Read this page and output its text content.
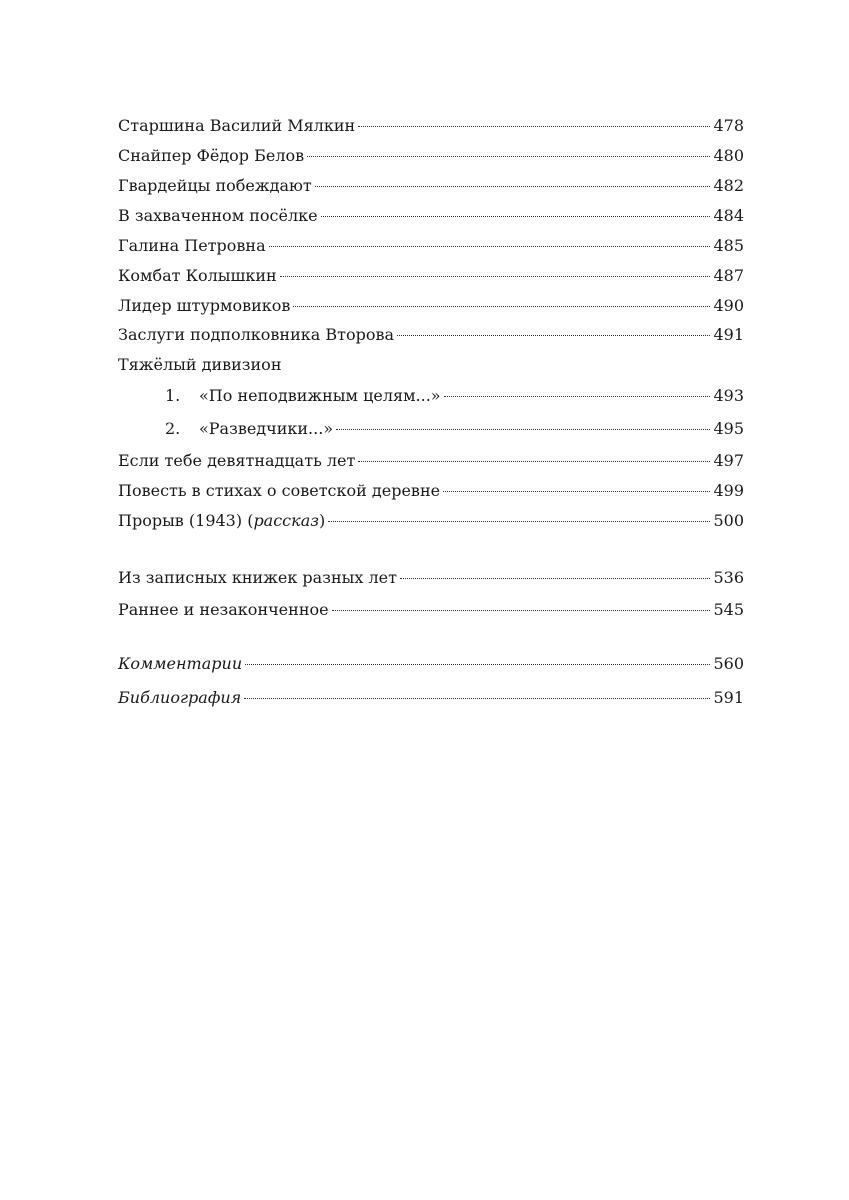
Старшина Василий Мялкин	478
Снайпер Фёдор Белов	480
Гвардейцы побеждают	482
В захваченном посёлке	484
Галина Петровна	485
Комбат Колышкин	487
Лидер штурмовиков	490
Заслуги подполковника Второва	491
Тяжёлый дивизион
1.	«По неподвижным целям...»	493
2.	«Разведчики...»	495
Если тебе девятнадцать лет	497
Повесть в стихах о советской деревне	499
Прорыв (1943) (рассказ)	500
Из записных книжек разных лет	536
Раннее и незаконченное	545
Комментарии	560
Библиография	591
